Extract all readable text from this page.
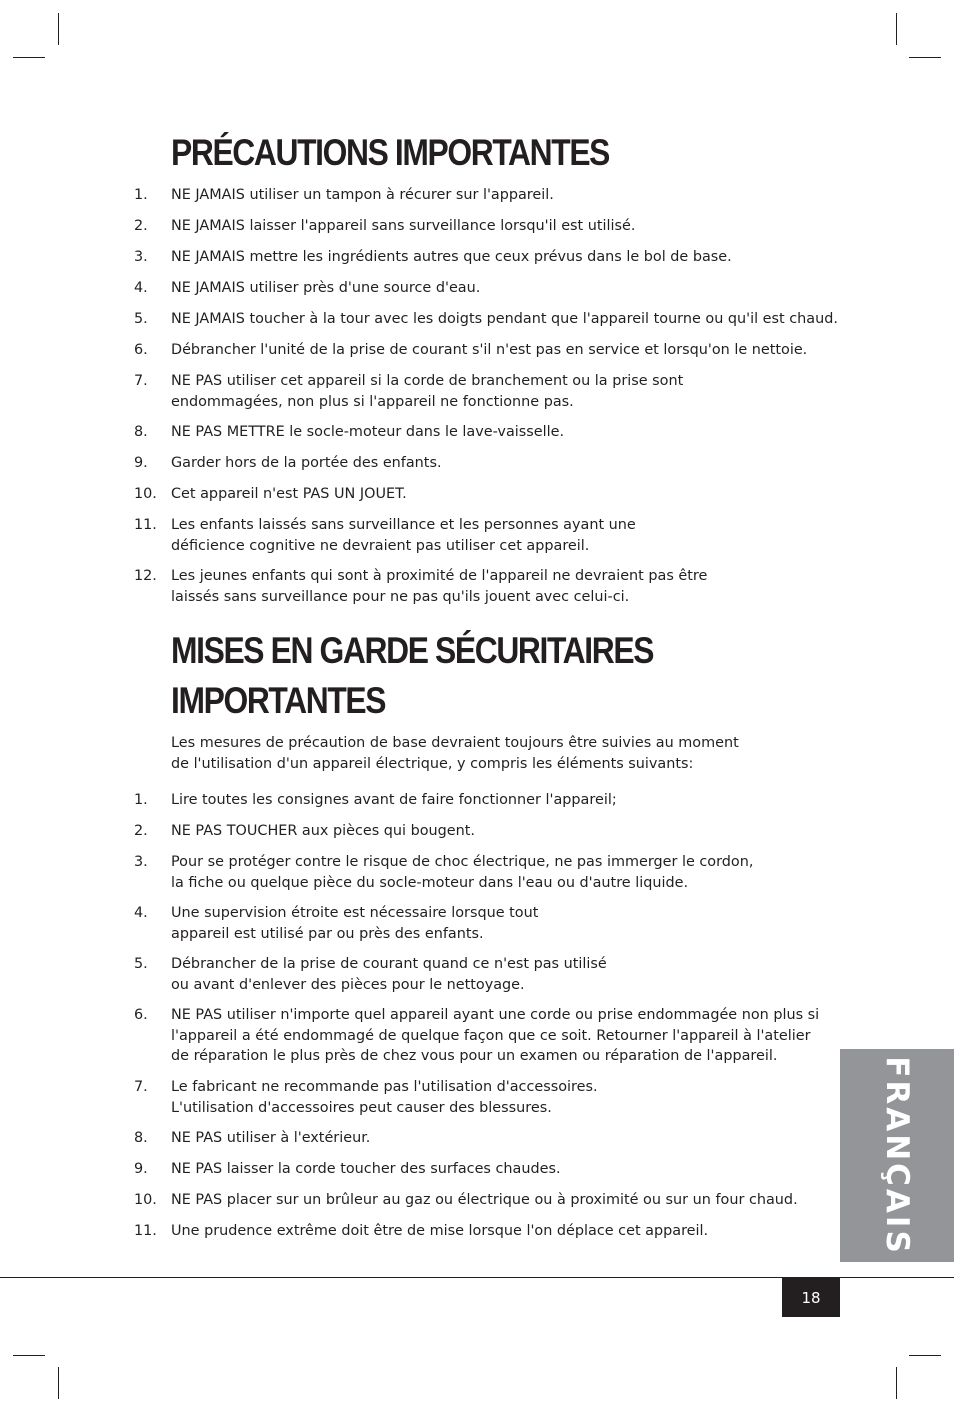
PRÉCAUTIONS IMPORTANTES
1. NE JAMAIS utiliser un tampon à récurer sur l'appareil.
2. NE JAMAIS laisser l'appareil sans surveillance lorsqu'il est utilisé.
3. NE JAMAIS mettre les ingrédients autres que ceux prévus dans le bol de base.
4. NE JAMAIS utiliser près d'une source d'eau.
5. NE JAMAIS toucher à la tour avec les doigts pendant que l'appareil tourne ou qu'il est chaud.
6. Débrancher l'unité de la prise de courant s'il n'est pas en service et lorsqu'on le nettoie.
7. NE PAS utiliser cet appareil si la corde de branchement ou la prise sont
endommagées, non plus si l'appareil ne fonctionne pas.
8. NE PAS METTRE le socle-moteur dans le lave-vaisselle.
9. Garder hors de la portée des enfants.
10. Cet appareil n'est PAS UN JOUET.
11. Les enfants laissés sans surveillance et les personnes ayant une
déficience cognitive ne devraient pas utiliser cet appareil.
12. Les jeunes enfants qui sont à proximité de l'appareil ne devraient pas être
laissés sans surveillance pour ne pas qu'ils jouent avec celui-ci.
MISES EN GARDE SÉCURITAIRES
IMPORTANTES

Les mesures de précaution de base devraient toujours être suivies au moment
de l'utilisation d'un appareil électrique, y compris les éléments suivants:

1. Lire toutes les consignes avant de faire fonctionner l'appareil;
2. NE PAS TOUCHER aux pièces qui bougent.
3. Pour se protéger contre le risque de choc électrique, ne pas immerger le cordon,
la fiche ou quelque pièce du socle-moteur dans l'eau ou d'autre liquide.
4. Une supervision étroite est nécessaire lorsque tout
appareil est utilisé par ou près des enfants.
5. Débrancher de la prise de courant quand ce n'est pas utilisé
ou avant d'enlever des pièces pour le nettoyage.
6. NE PAS utiliser n'importe quel appareil ayant une corde ou prise endommagée non plus si
l'appareil a été endommagé de quelque façon que ce soit. Retourner l'appareil à l'atelier
de réparation le plus près de chez vous pour un examen ou réparation de l'appareil.
7. Le fabricant ne recommande pas l'utilisation d'accessoires.
L'utilisation d'accessoires peut causer des blessures.
8. NE PAS utiliser à l'extérieur.
9. NE PAS laisser la corde toucher des surfaces chaudes.
10. NE PAS placer sur un brûleur au gaz ou électrique ou à proximité ou sur un four chaud.
11. Une prudence extrême doit être de mise lorsque l'on déplace cet appareil.	FRANÇAIS
18
